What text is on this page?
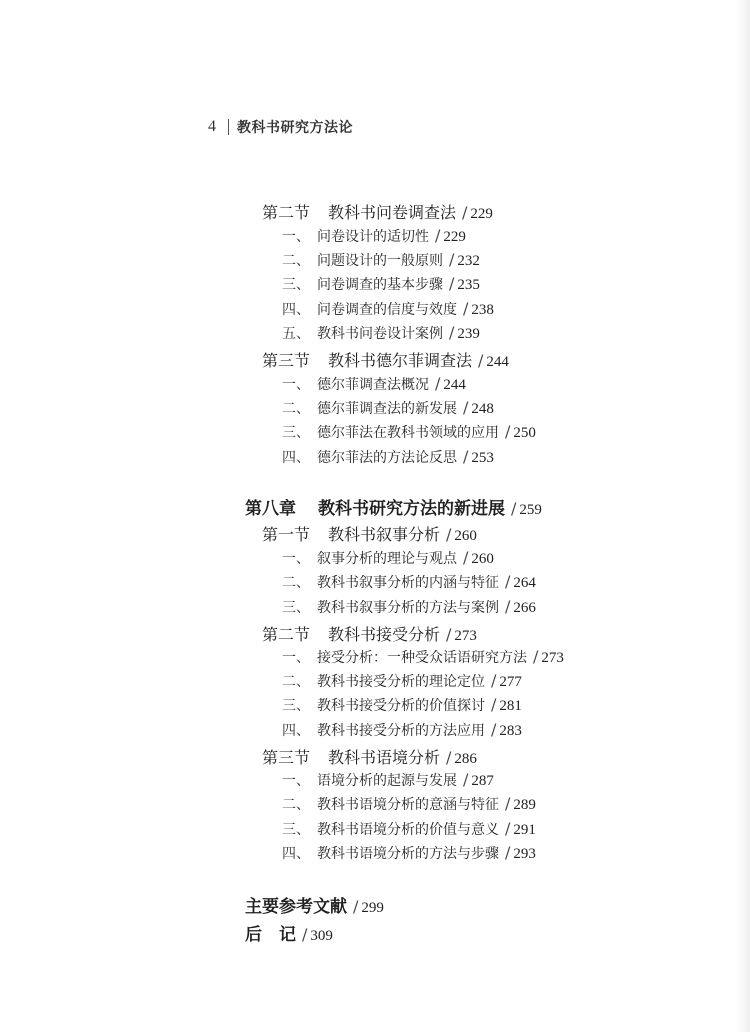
4 教科书研究方法论
第二节	教科书问卷调查法 / 229
一、 问卷设计的适切性 / 229
二、 问题设计的一般原则 / 232
三、 问卷调查的基本步骤 / 235
四、 问卷调查的信度与效度 / 238
五、 教科书问卷设计案例 / 239
第三节	教科书德尔菲调查法 / 244
一、 德尔菲调查法概况 / 244
二、 德尔菲调查法的新发展 / 248
三、 德尔菲法在教科书领域的应用 / 250
四、 德尔菲法的方法论反思 / 253
第八章	教科书研究方法的新进展 / 259
第一节	教科书叙事分析 / 260
一、 叙事分析的理论与观点 / 260
二、 教科书叙事分析的内涵与特征 / 264
三、 教科书叙事分析的方法与案例 / 266
第二节	教科书接受分析 / 273
一、 接受分析：一种受众话语研究方法 / 273
二、 教科书接受分析的理论定位 / 277
三、 教科书接受分析的价值探讨 / 281
四、 教科书接受分析的方法应用 / 283
第三节	教科书语境分析 / 286
一、 语境分析的起源与发展 / 287
二、 教科书语境分析的意涵与特征 / 289
三、 教科书语境分析的价值与意义 / 291
四、 教科书语境分析的方法与步骤 / 293
主要参考文献 / 299
后　记 / 309
